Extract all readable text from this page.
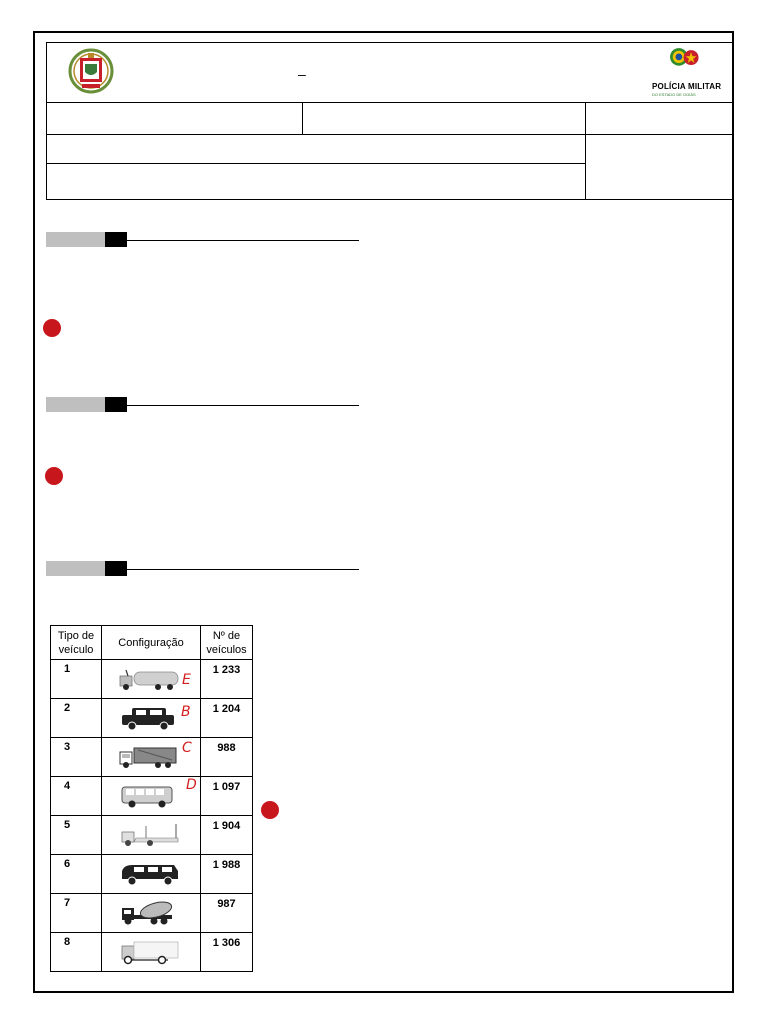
–
POLÍCIA MILITAR
DO ESTADO DE GOIÁS
Tipo de veículo	Configuração	Nº de veículos
1		1 233
2		1 204
3		988
4		1 097
5		1 904
6		1 988
7		987
8		1 306
E
B
C
D
